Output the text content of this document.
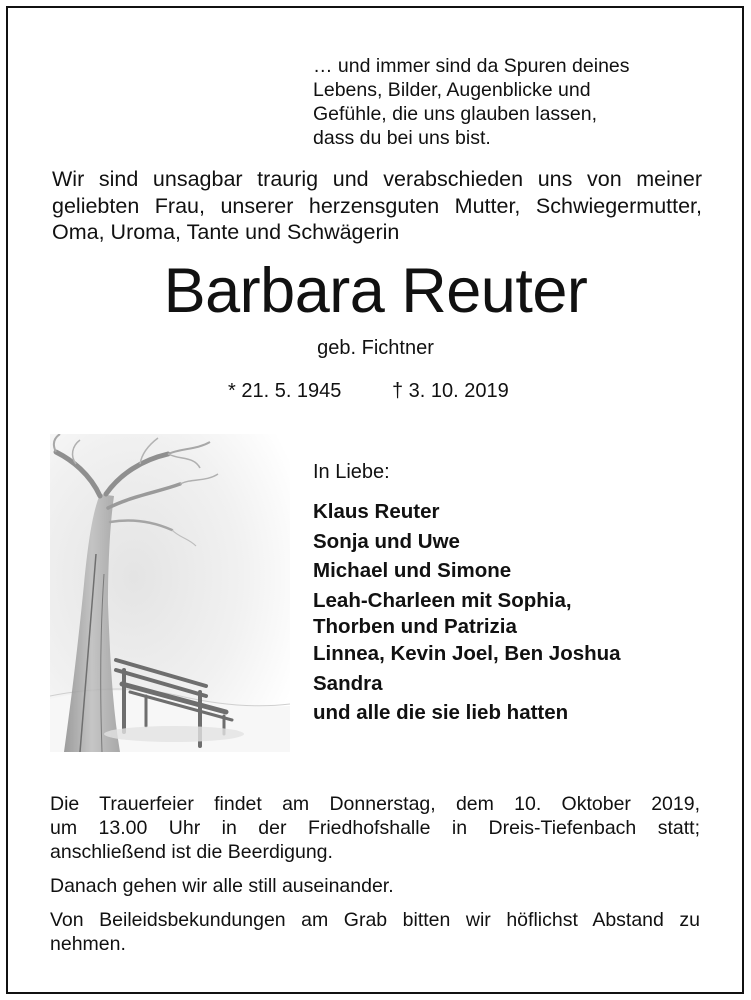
… und immer sind da Spuren deines
Lebens, Bilder, Augenblicke und
Gefühle, die uns glauben lassen,
dass du bei uns bist.
Wir sind unsagbar traurig und verabschieden uns von meiner
geliebten Frau, unserer herzensguten Mutter, Schwiegermutter,
Oma, Uroma, Tante und Schwägerin
Barbara Reuter
geb. Fichtner
* 21. 5. 1945	† 3. 10. 2019
In Liebe:
Klaus Reuter
Sonja und Uwe
Michael und Simone
Leah-Charleen mit Sophia,
Thorben und Patrizia
Linnea, Kevin Joel, Ben Joshua
Sandra
und alle die sie lieb hatten
Die Trauerfeier findet am Donnerstag, dem 10. Oktober 2019,
um 13.00 Uhr in der Friedhofshalle in Dreis-Tiefenbach statt;
anschließend ist die Beerdigung.
Danach gehen wir alle still auseinander.
Von Beileidsbekundungen am Grab bitten wir höflichst Abstand zu
nehmen.
